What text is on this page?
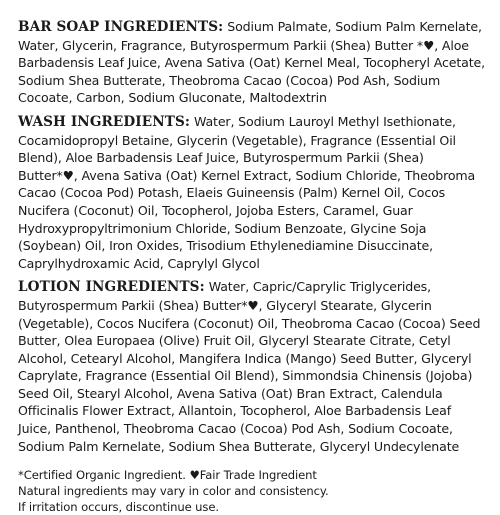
BAR SOAP INGREDIENTS: Sodium Palmate, Sodium Palm Kernelate, Water, Glycerin, Fragrance, Butyrospermum Parkii (Shea) Butter *♥, Aloe Barbadensis Leaf Juice, Avena Sativa (Oat) Kernel Meal, Tocopheryl Acetate, Sodium Shea Butterate, Theobroma Cacao (Cocoa) Pod Ash, Sodium Cocoate, Carbon, Sodium Gluconate, Maltodextrin

WASH INGREDIENTS: Water, Sodium Lauroyl Methyl Isethionate, Cocamidopropyl Betaine, Glycerin (Vegetable), Fragrance (Essential Oil Blend), Aloe Barbadensis Leaf Juice, Butyrospermum Parkii (Shea) Butter*♥, Avena Sativa (Oat) Kernel Extract, Sodium Chloride, Theobroma Cacao (Cocoa Pod) Potash, Elaeis Guineensis (Palm) Kernel Oil, Cocos Nucifera (Coconut) Oil, Tocopherol, Jojoba Esters, Caramel, Guar Hydroxypropyltrimonium Chloride, Sodium Benzoate, Glycine Soja (Soybean) Oil, Iron Oxides, Trisodium Ethylenediamine Disuccinate, Caprylhydroxamic Acid, Caprylyl Glycol

LOTION INGREDIENTS: Water, Capric/Caprylic Triglycerides, Butyrospermum Parkii (Shea) Butter*♥, Glyceryl Stearate, Glycerin (Vegetable), Cocos Nucifera (Coconut) Oil, Theobroma Cacao (Cocoa) Seed Butter, Olea Europaea (Olive) Fruit Oil, Glyceryl Stearate Citrate, Cetyl Alcohol, Cetearyl Alcohol, Mangifera Indica (Mango) Seed Butter, Glyceryl Caprylate, Fragrance (Essential Oil Blend), Simmondsia Chinensis (Jojoba) Seed Oil, Stearyl Alcohol, Avena Sativa (Oat) Bran Extract, Calendula Officinalis Flower Extract, Allantoin, Tocopherol, Aloe Barbadensis Leaf Juice, Panthenol, Theobroma Cacao (Cocoa) Pod Ash, Sodium Cocoate, Sodium Palm Kernelate, Sodium Shea Butterate, Glyceryl Undecylenate

*Certified Organic Ingredient. ♥Fair Trade Ingredient
Natural ingredients may vary in color and consistency.
If irritation occurs, discontinue use.
